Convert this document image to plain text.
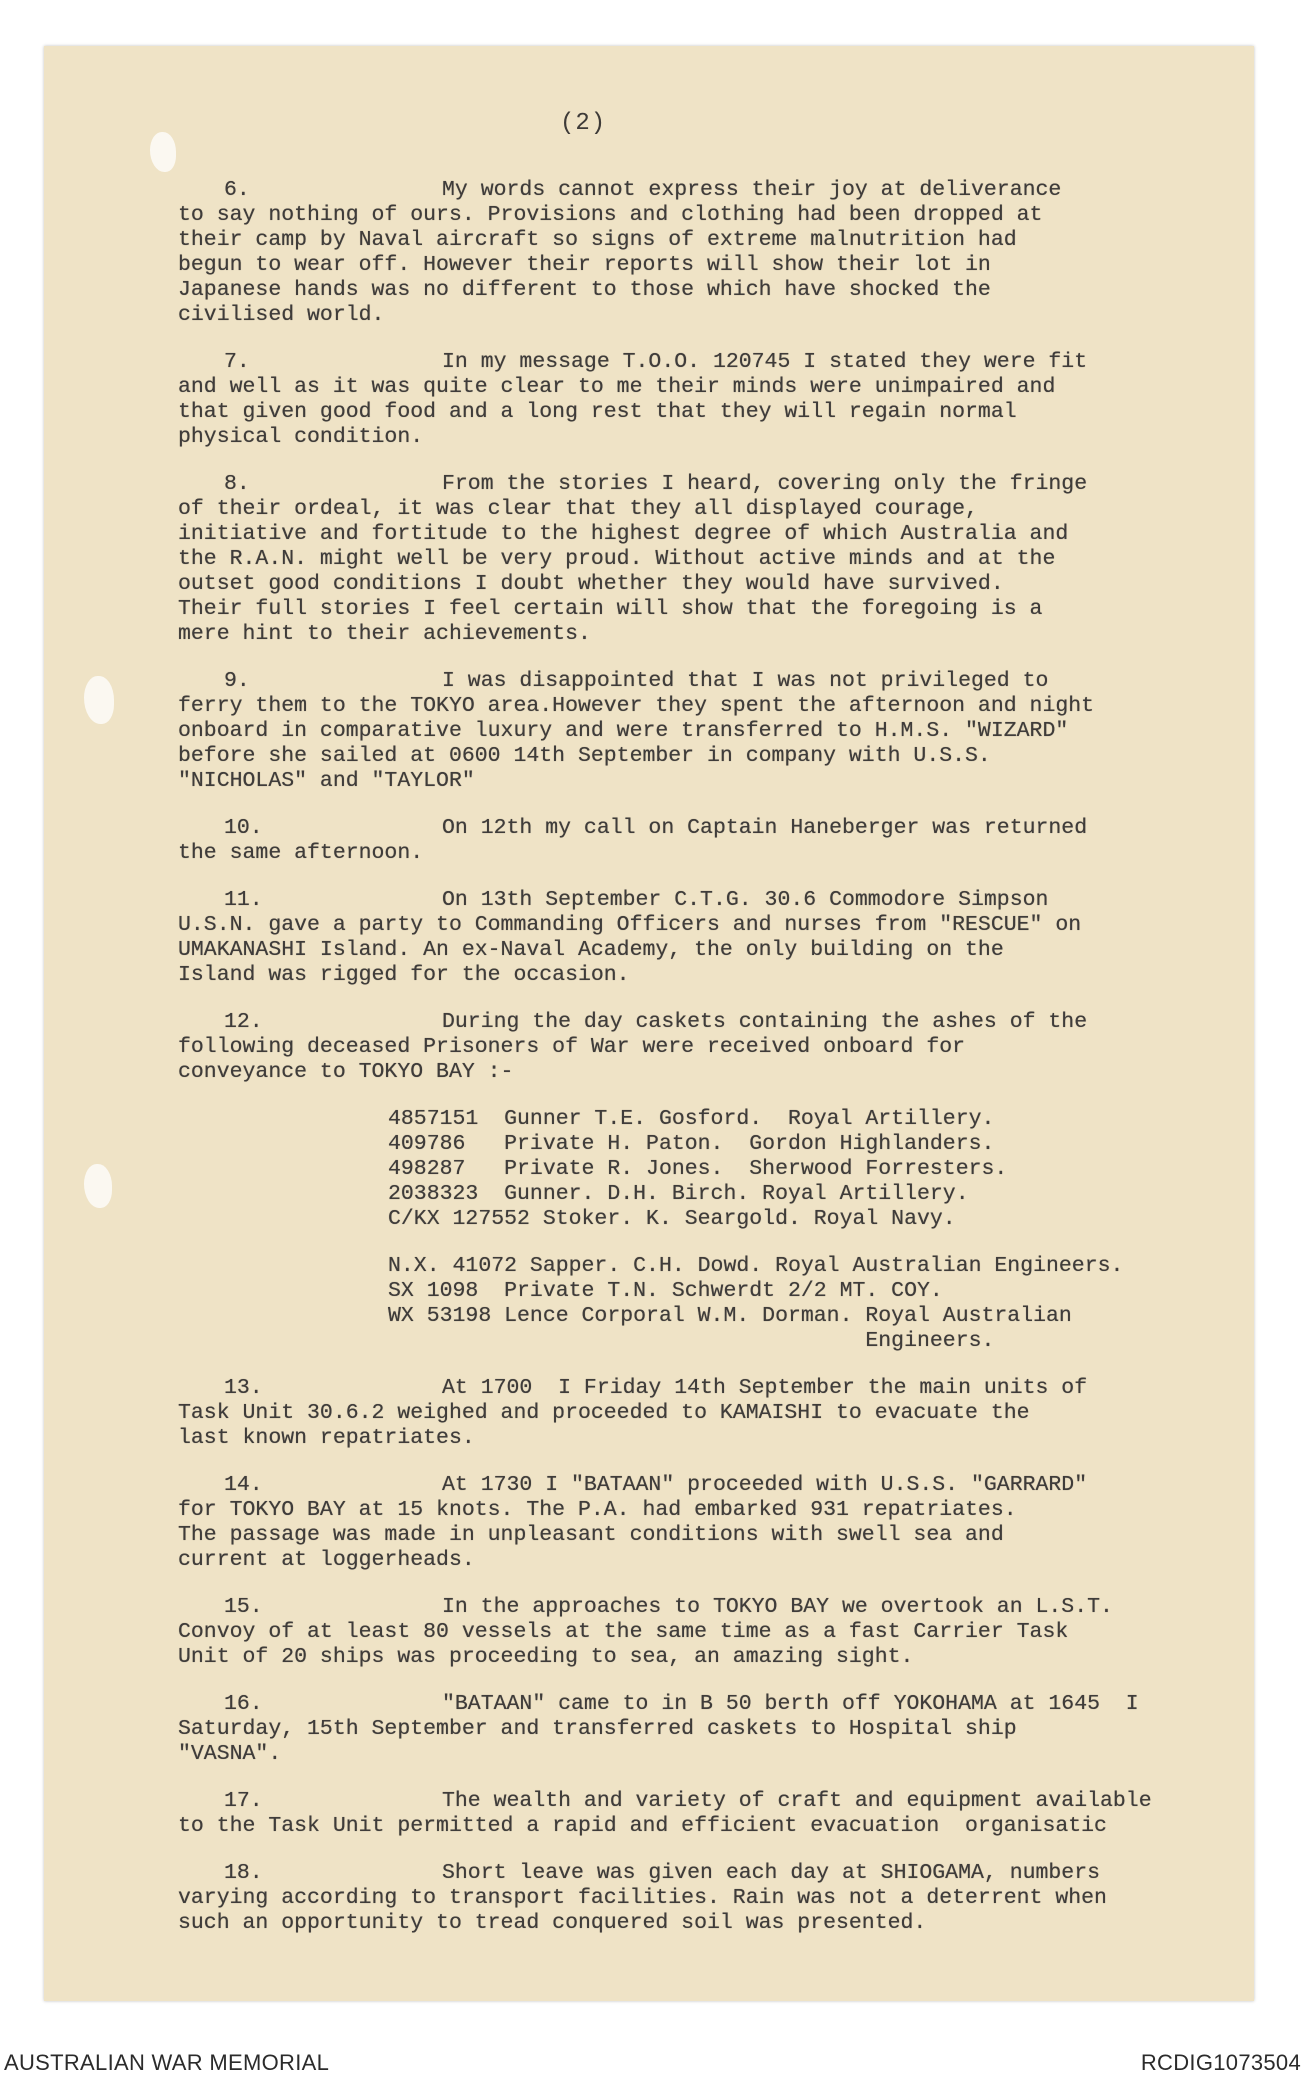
(2)
6.	My words cannot express their joy at deliverance
to say nothing of ours. Provisions and clothing had been dropped at
their camp by Naval aircraft so signs of extreme malnutrition had
begun to wear off. However their reports will show their lot in
Japanese hands was no different to those which have shocked the
civilised world.
7.	In my message T.O.O. 120745 I stated they were fit
and well as it was quite clear to me their minds were unimpaired and
that given good food and a long rest that they will regain normal
physical condition.
8.	From the stories I heard, covering only the fringe
of their ordeal, it was clear that they all displayed courage,
initiative and fortitude to the highest degree of which Australia and
the R.A.N. might well be very proud. Without active minds and at the
outset good conditions I doubt whether they would have survived.
Their full stories I feel certain will show that the foregoing is a
mere hint to their achievements.
9.	I was disappointed that I was not privileged to
ferry them to the TOKYO area.However they spent the afternoon and night
onboard in comparative luxury and were transferred to H.M.S. "WIZARD"
before she sailed at 0600 14th September in company with U.S.S.
"NICHOLAS" and "TAYLOR"
10.	On 12th my call on Captain Haneberger was returned
the same afternoon.
11.	On 13th September C.T.G. 30.6 Commodore Simpson
U.S.N. gave a party to Commanding Officers and nurses from "RESCUE" on
UMAKANASHI Island. An ex-Naval Academy, the only building on the
Island was rigged for the occasion.
12.	During the day caskets containing the ashes of the
following deceased Prisoners of War were received onboard for
conveyance to TOKYO BAY :-
4857151  Gunner T.E. Gosford.  Royal Artillery.
409786   Private H. Paton.  Gordon Highlanders.
498287   Private R. Jones.  Sherwood Forresters.
2038323  Gunner. D.H. Birch. Royal Artillery.
C/KX 127552 Stoker. K. Seargold. Royal Navy.
N.X. 41072 Sapper. C.H. Dowd. Royal Australian Engineers.
SX 1098  Private T.N. Schwerdt 2/2 MT. COY.
WX 53198 Lence Corporal W.M. Dorman. Royal Australian
Engineers.
13.	At 1700  I Friday 14th September the main units of
Task Unit 30.6.2 weighed and proceeded to KAMAISHI to evacuate the
last known repatriates.
14.	At 1730 I "BATAAN" proceeded with U.S.S. "GARRARD"
for TOKYO BAY at 15 knots. The P.A. had embarked 931 repatriates.
The passage was made in unpleasant conditions with swell sea and
current at loggerheads.
15.	In the approaches to TOKYO BAY we overtook an L.S.T.
Convoy of at least 80 vessels at the same time as a fast Carrier Task
Unit of 20 ships was proceeding to sea, an amazing sight.
16.	"BATAAN" came to in B 50 berth off YOKOHAMA at 1645  I
Saturday, 15th September and transferred caskets to Hospital ship
"VASNA".
17.	The wealth and variety of craft and equipment available
to the Task Unit permitted a rapid and efficient evacuation  organisatic
18.	Short leave was given each day at SHIOGAMA, numbers
varying according to transport facilities. Rain was not a deterrent when
such an opportunity to tread conquered soil was presented.
AUSTRALIAN WAR MEMORIAL	RCDIG1073504
